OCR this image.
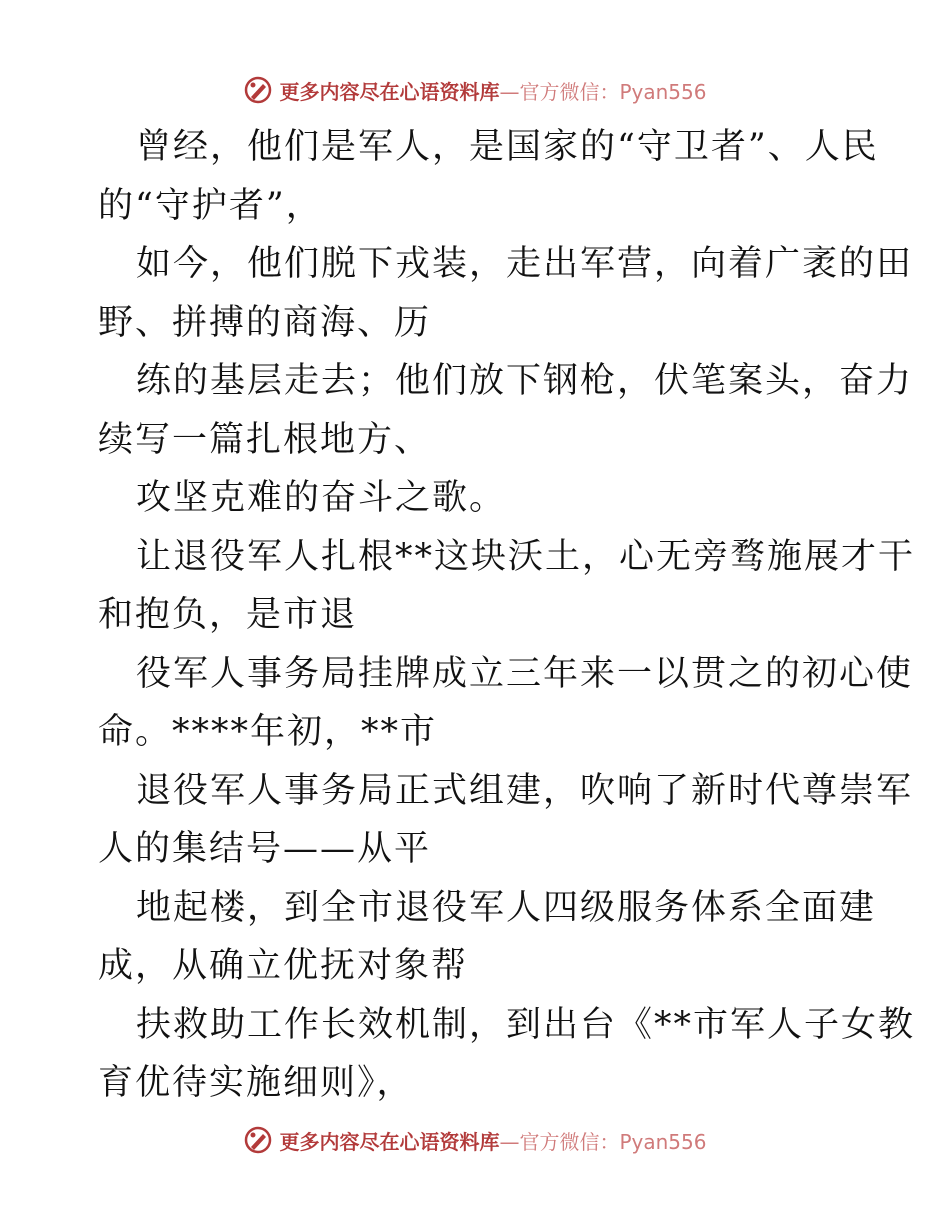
更多内容尽在心语资料库 —官方微信：Pyan556
曾经，他们是军人，是国家的“守卫者”、人民
的“守护者”，
如今，他们脱下戎装，走出军营，向着广袤的田
野、拼搏的商海、历
练的基层走去；他们放下钢枪，伏笔案头，奋力
续写一篇扎根地方、
攻坚克难的奋斗之歌。
让退役军人扎根**这块沃土，心无旁骛施展才干
和抱负，是市退
役军人事务局挂牌成立三年来一以贯之的初心使
命。****年初，**市
退役军人事务局正式组建，吹响了新时代尊崇军
人的集结号——从平
地起楼，到全市退役军人四级服务体系全面建
成，从确立优抚对象帮
扶救助工作长效机制，到出台《**市军人子女教
育优待实施细则》，
更多内容尽在心语资料库 —官方微信：Pyan556
